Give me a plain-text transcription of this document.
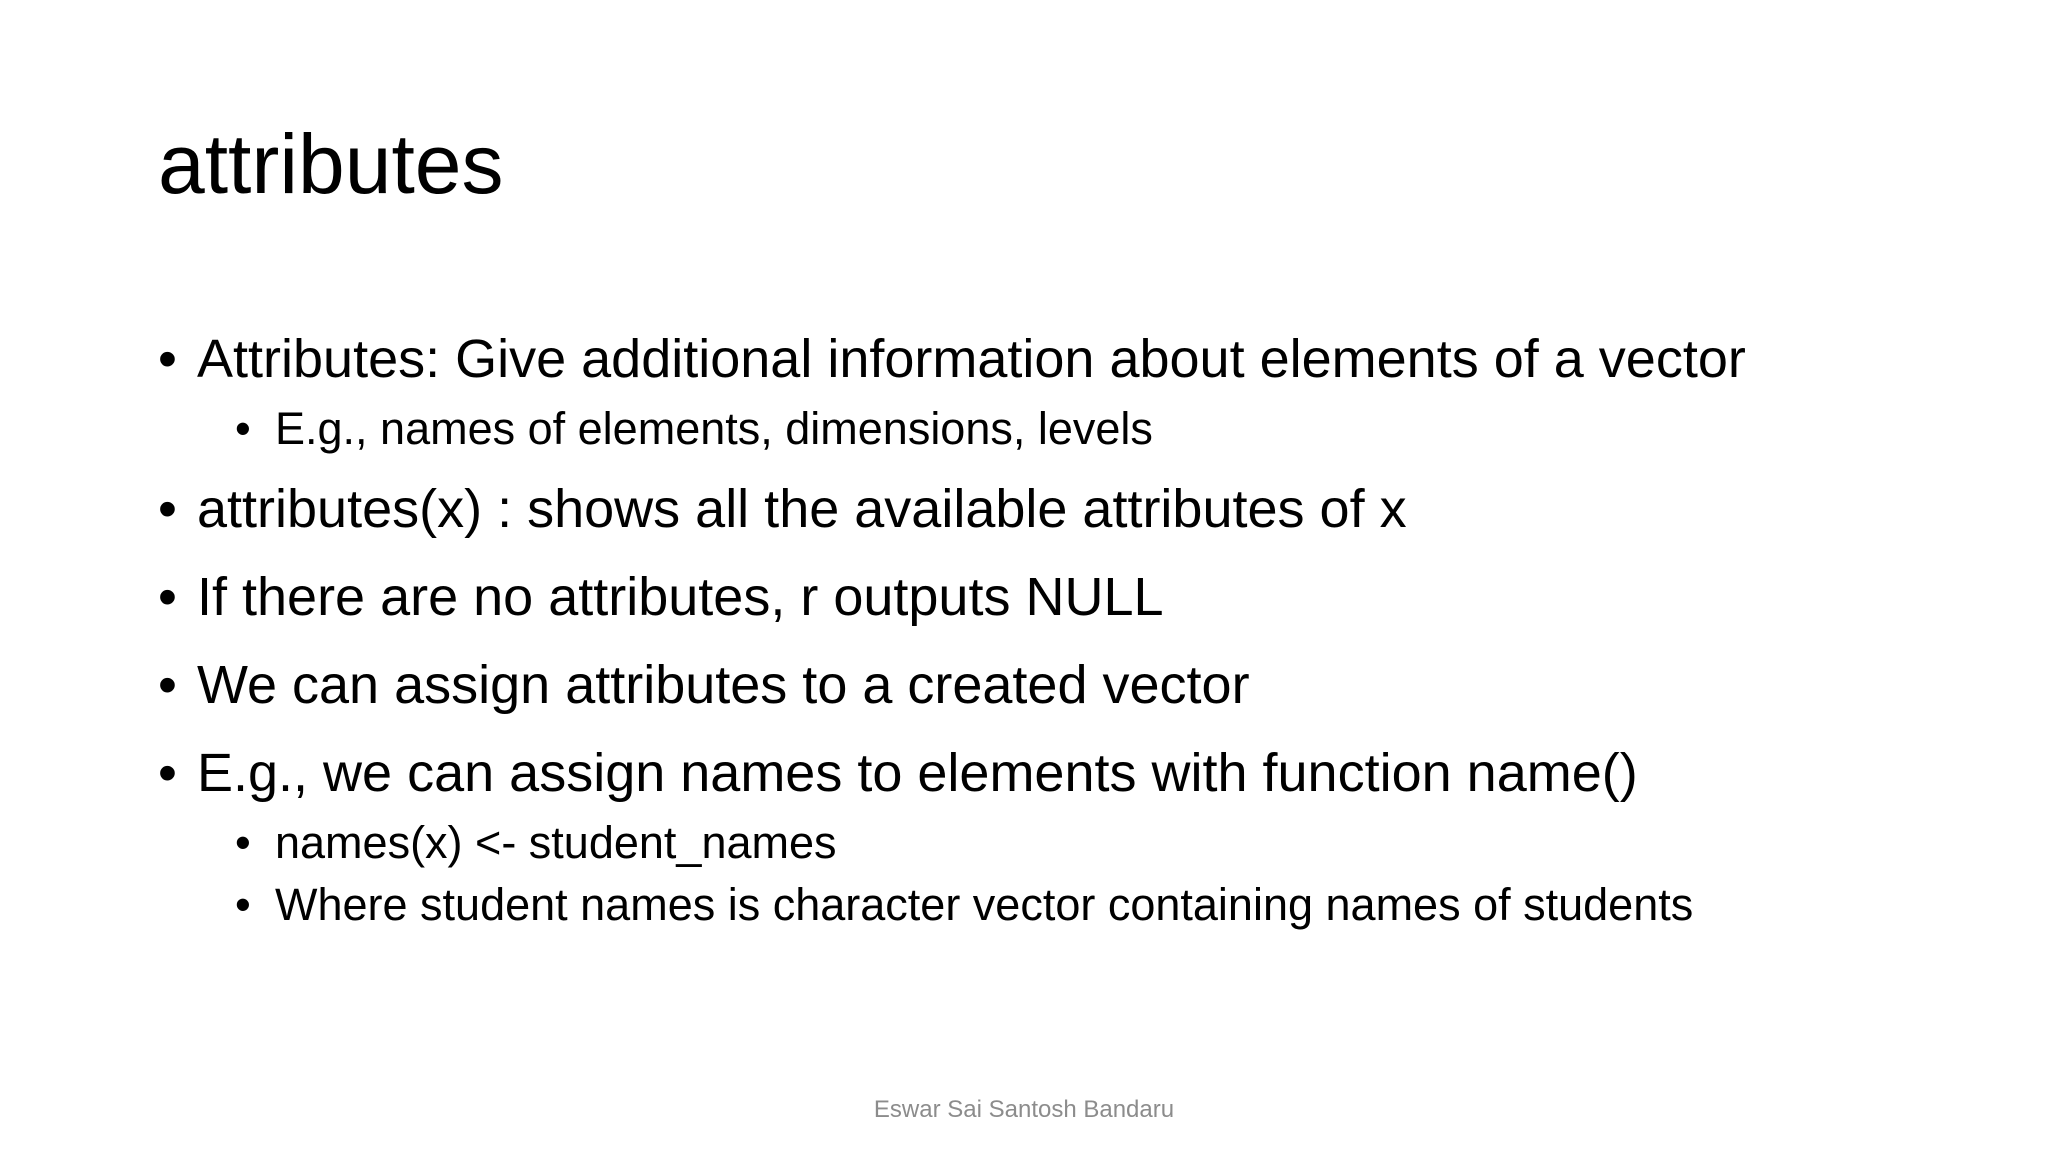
attributes
• Attributes: Give additional information about elements of a vector
• E.g., names of elements, dimensions, levels
• attributes(x) : shows all the available attributes of x
• If there are no attributes, r outputs NULL
• We can assign attributes to a created vector
• E.g., we can assign names to elements with function name()
• names(x) <- student_names
• Where student names is character vector containing names of students
Eswar Sai Santosh Bandaru
